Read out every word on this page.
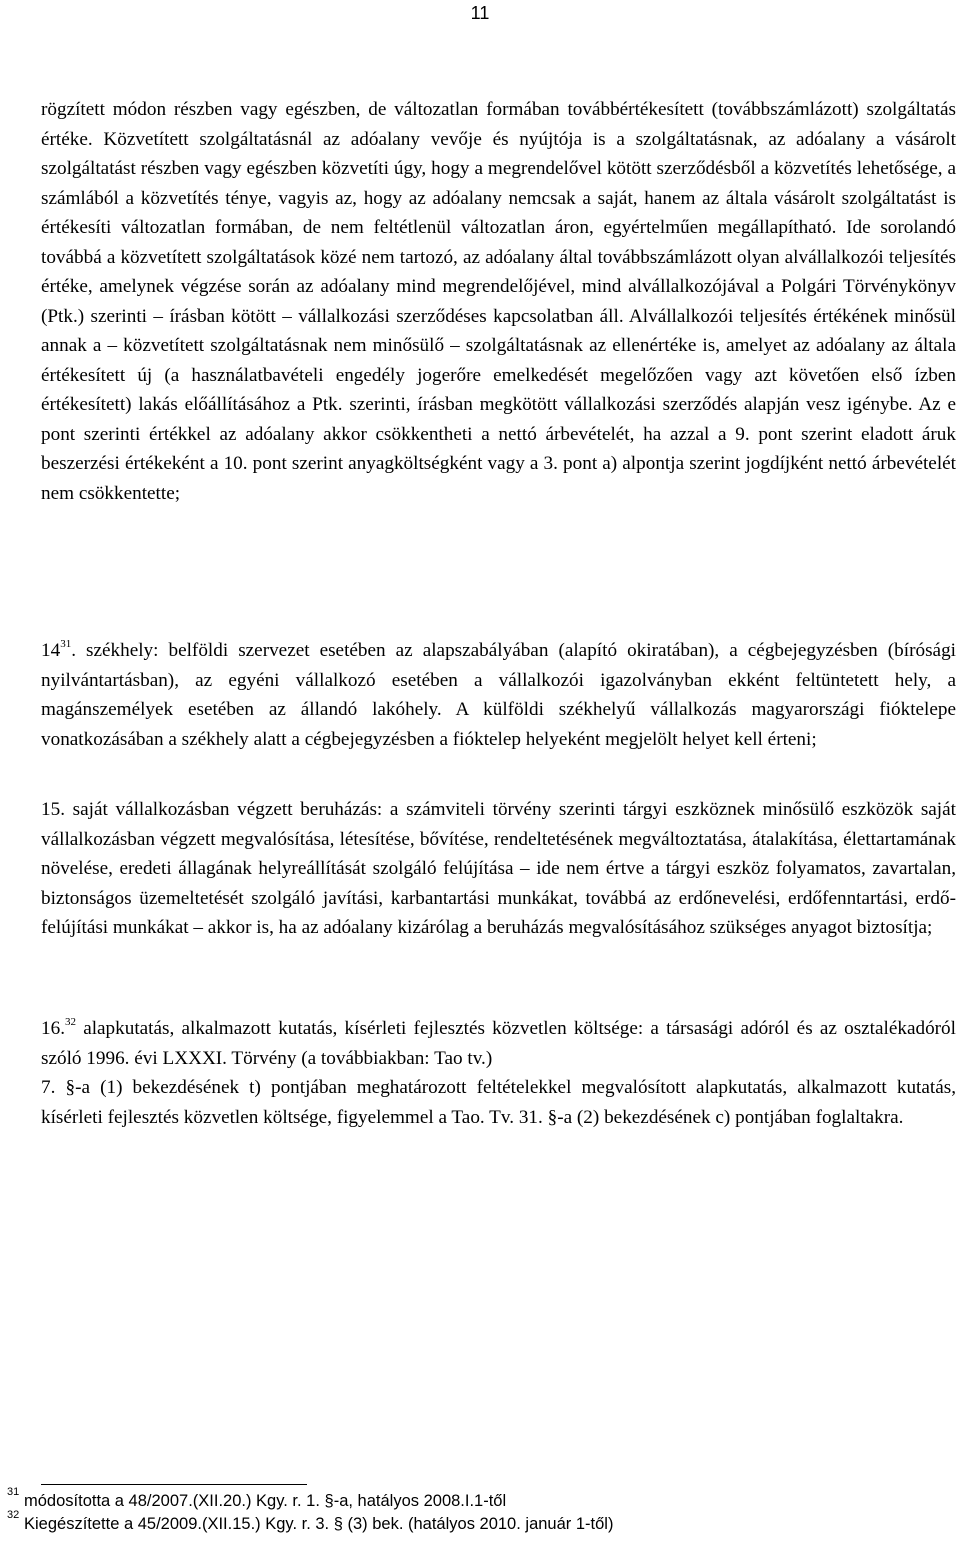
11

rögzített módon részben vagy egészben, de változatlan formában továbbértékesített (továbbszámlázott) szolgáltatás értéke. Közvetített szolgáltatásnál az adóalany vevője és nyújtója is a szolgáltatásnak, az adóalany a vásárolt szolgáltatást részben vagy egészben közvetíti úgy, hogy a megrendelővel kötött szerződésből a közvetítés lehetősége, a számlából a közvetítés ténye, vagyis az, hogy az adóalany nemcsak a saját, hanem az általa vásárolt szolgáltatást is értékesíti változatlan formában, de nem feltétlenül változatlan áron, egyértelműen megállapítható. Ide sorolandó továbbá a közvetített szolgáltatások közé nem tartozó, az adóalany által továbbszámlázott olyan alvállalkozói teljesítés értéke, amelynek végzése során az adóalany mind megrendelőjével, mind alvállalkozójával a Polgári Törvénykönyv (Ptk.) szerinti – írásban kötött – vállalkozási szerződéses kapcsolatban áll. Alvállalkozói teljesítés értékének minősül annak a – közvetített szolgáltatásnak nem minősülő – szolgáltatásnak az ellenértéke is, amelyet az adóalany az általa értékesített új (a használatbavételi engedély jogerőre emelkedését megelőzően vagy azt követően első ízben értékesített) lakás előállításához a Ptk. szerinti, írásban megkötött vállalkozási szerződés alapján vesz igénybe. Az e pont szerinti értékkel az adóalany akkor csökkentheti a nettó árbevételét, ha azzal a 9. pont szerint eladott áruk beszerzési értékeként a 10. pont szerint anyagköltségként vagy a 3. pont a) alpontja szerint jogdíjként nettó árbevételét nem csökkentette;

14$^{31}$. székhely: belföldi szervezet esetében az alapszabályában (alapító okiratában), a cégbejegyzésben (bírósági nyilvántartásban), az egyéni vállalkozó esetében a vállalkozói igazolványban ekként feltüntetett hely, a magánszemélyek esetében az állandó lakóhely. A külföldi székhelyű vállalkozás magyarországi fióktelepe vonatkozásában a székhely alatt a cégbejegyzésben a fióktelep helyeként megjelölt helyet kell érteni;

15. saját vállalkozásban végzett beruházás: a számviteli törvény szerinti tárgyi eszköznek minősülő eszközök saját vállalkozásban végzett megvalósítása, létesítése, bővítése, rendeltetésének megváltoztatása, átalakítása, élettartamának növelése, eredeti állagának helyreállítását szolgáló felújítása – ide nem értve a tárgyi eszköz folyamatos, zavartalan, biztonságos üzemeltetését szolgáló javítási, karbantartási munkákat, továbbá az erdőnevelési, erdőfenntartási, erdő-felújítási munkákat – akkor is, ha az adóalany kizárólag a beruházás megvalósításához szükséges anyagot biztosítja;

16.32 alapkutatás, alkalmazott kutatás, kísérleti fejlesztés közvetlen költsége: a társasági adóról és az osztalékadóról szóló 1996. évi LXXXI. Törvény (a továbbiakban: Tao tv.)

7. §-a (1) bekezdésének t) pontjában meghatározott feltételekkel megvalósított alapkutatás, alkalmazott kutatás, kísérleti fejlesztés közvetlen költsége, figyelemmel a Tao. Tv. 31. §-a (2) bekezdésének c) pontjában foglaltakra.

31 módosította a 48/2007.(XII.20.) Kgy. r. 1. §-a, hatályos 2008.I.1-től
32 Kiegészítette a 45/2009.(XII.15.) Kgy. r. 3. § (3) bek. (hatályos 2010. január 1-től)
